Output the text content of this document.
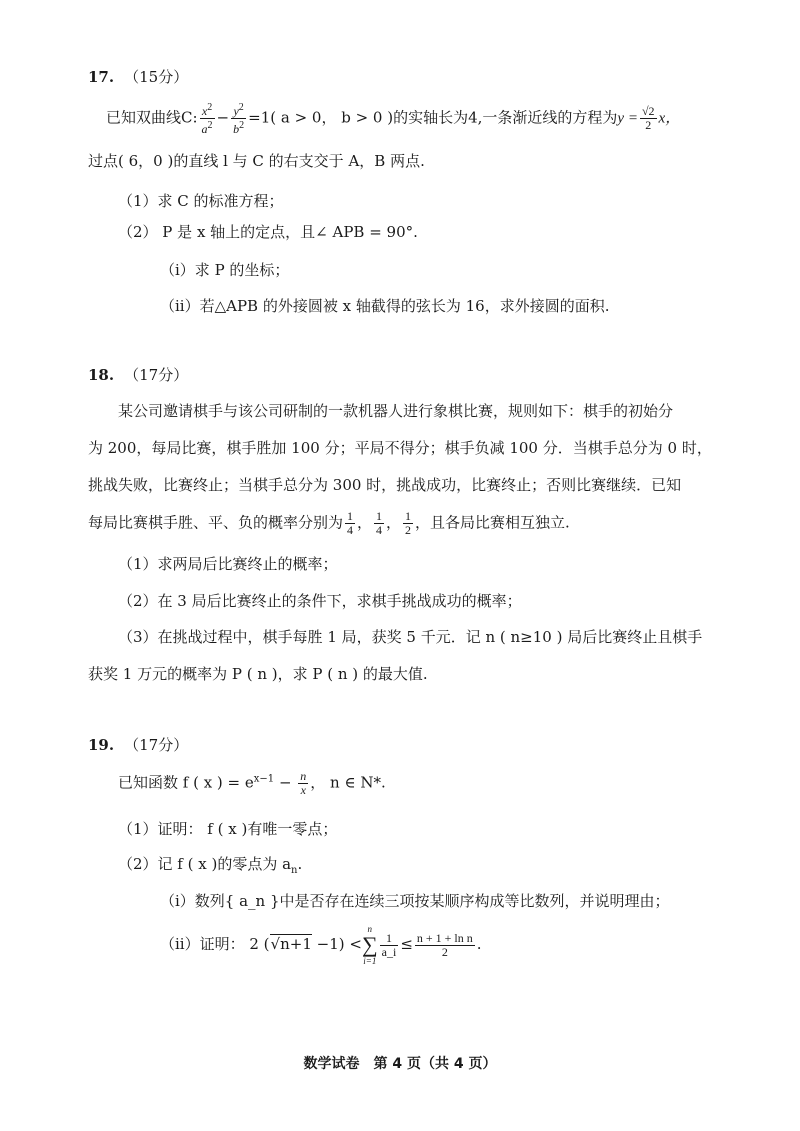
17. （15分）
已知双曲线C: $\frac{x^2}{a^2} - \frac{y^2}{b^2} =1$( a > 0， b > 0 )的实轴长为4,一条渐近线的方程为$y = \frac{√2}{2}$ x，
过点( 6，0 )的直线 l 与 C 的右支交于 A，B 两点.
（1）求 C 的标准方程；
（2） P 是 x 轴上的定点，且∠ APB = 90°.
（i）求 P 的坐标；
（ii）若△APB 的外接圆被 x 轴截得的弦长为 16，求外接圆的面积.
18. （17分）
某公司邀请棋手与该公司研制的一款机器人进行象棋比赛，规则如下：棋手的初始分
为 200，每局比赛，棋手胜加 100 分；平局不得分；棋手负减 100 分．当棋手总分为 0 时，
挑战失败，比赛终止；当棋手总分为 300 时，挑战成功，比赛终止；否则比赛继续．已知
每局比赛棋手胜、平、负的概率分别为 $\frac{1}{4}$ ， $\frac{1}{4}$ ， $\frac{1}{2}$ ，且各局比赛相互独立.
（1）求两局后比赛终止的概率；
（2）在 3 局后比赛终止的条件下，求棋手挑战成功的概率；
（3）在挑战过程中，棋手每胜 1 局，获奖 5 千元．记 n ( n≥10 ) 局后比赛终止且棋手
获奖 1 万元的概率为 P ( n )，求 P ( n ) 的最大值.
19. （17分）
已知函数 f ( x ) = $e^{x-1} - \frac{n}{x}$ ， n ∈ N*.
（1）证明： f ( x )有唯一零点；
（2）记 f ( x )的零点为 $a_n$.
（i）数列{ a_n }中是否存在连续三项按某顺序构成等比数列，并说明理由；
（ii）证明： 2 (√n+1 −1) <
n
∑
i=1
$\frac{1}{a\_i} \le \frac{\text{n + 1 + ln n}}{2}$ .
数学试卷　第 4 页（共 4 页）
